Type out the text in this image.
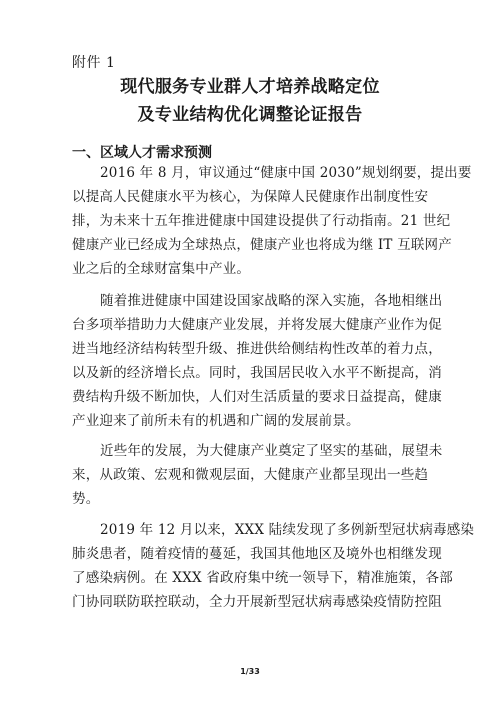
附件 1
现代服务专业群人才培养战略定位
及专业结构优化调整论证报告
一、区域人才需求预测
2016 年 8 月，审议通过“健康中国 2030”规划纲要，提出要
以提高人民健康水平为核心，为保障人民健康作出制度性安
排，为未来十五年推进健康中国建设提供了行动指南。21 世纪
健康产业已经成为全球热点，健康产业也将成为继 IT 互联网产
业之后的全球财富集中产业。
随着推进健康中国建设国家战略的深入实施，各地相继出
台多项举措助力大健康产业发展，并将发展大健康产业作为促
进当地经济结构转型升级、推进供给侧结构性改革的着力点，
以及新的经济增长点。同时，我国居民收入水平不断提高，消
费结构升级不断加快，人们对生活质量的要求日益提高，健康
产业迎来了前所未有的机遇和广阔的发展前景。
近些年的发展，为大健康产业奠定了坚实的基础，展望未
来，从政策、宏观和微观层面，大健康产业都呈现出一些趋
势。
2019 年 12 月以来，XXX 陆续发现了多例新型冠状病毒感染
肺炎患者，随着疫情的蔓延，我国其他地区及境外也相继发现
了感染病例。在 XXX 省政府集中统一领导下，精准施策，各部
门协同联防联控联动，全力开展新型冠状病毒感染疫情防控阻
1/33
